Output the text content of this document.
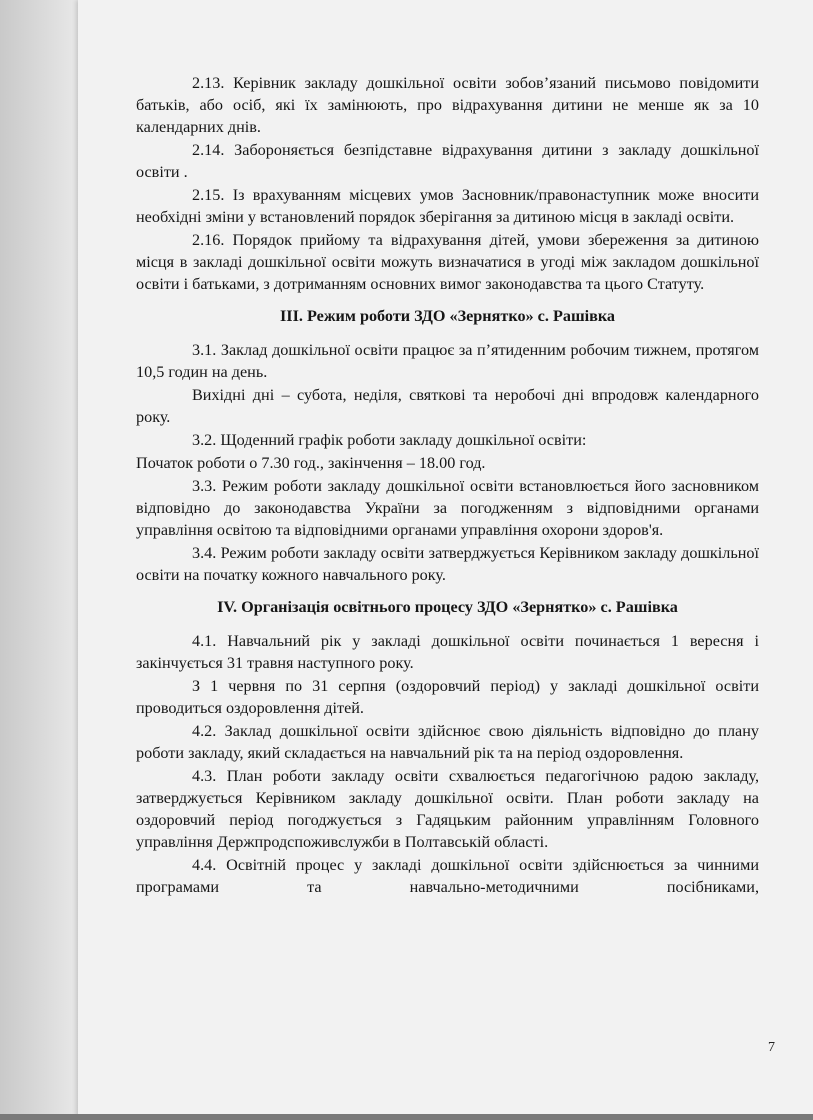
2.13. Керівник закладу дошкільної освіти зобов’язаний письмово повідомити батьків, або осіб, які їх замінюють, про відрахування дитини не менше як за 10 календарних днів.

2.14. Забороняється безпідставне відрахування дитини з закладу дошкільної освіти .

2.15. Із врахуванням місцевих умов Засновник/правонаступник може вносити необхідні зміни у встановлений порядок зберігання за дитиною місця в закладі освіти.

2.16. Порядок прийому та відрахування дітей, умови збереження за дитиною місця в закладі дошкільної освіти можуть визначатися в угоді між закладом дошкільної освіти і батьками, з дотриманням основних вимог законодавства та цього Статуту.

ІІІ. Режим роботи ЗДО «Зернятко» с. Рашівка

3.1. Заклад дошкільної освіти працює за п’ятиденним робочим тижнем, протягом 10,5 годин на день.

Вихідні дні – субота, неділя, святкові та неробочі дні впродовж календарного року.

3.2. Щоденний графік роботи закладу дошкільної освіти:

Початок роботи о 7.30 год., закінчення – 18.00 год.

3.3. Режим роботи закладу дошкільної освіти встановлюється його засновником відповідно до законодавства України за погодженням з відповідними органами управління освітою та відповідними органами управління охорони здоров'я.

3.4. Режим роботи закладу освіти затверджується Керівником закладу дошкільної освіти на початку кожного навчального року.

IV. Організація освітнього процесу ЗДО «Зернятко» с. Рашівка

4.1. Навчальний рік у закладі дошкільної освіти починається 1 вересня і закінчується 31 травня наступного року.

З 1 червня по 31 серпня (оздоровчий період) у закладі дошкільної освіти проводиться оздоровлення дітей.

4.2. Заклад дошкільної освіти здійснює свою діяльність відповідно до плану роботи закладу, який складається на навчальний рік та на період оздоровлення.

4.3. План роботи закладу освіти схвалюється педагогічною радою закладу, затверджується Керівником закладу дошкільної освіти. План роботи закладу на оздоровчий період погоджується з Гадяцьким районним управлінням Головного управління Держпродспоживслужби в Полтавській області.

4.4. Освітній процес у закладі дошкільної освіти здійснюється за чинними програмами та навчально-методичними посібниками,

7
